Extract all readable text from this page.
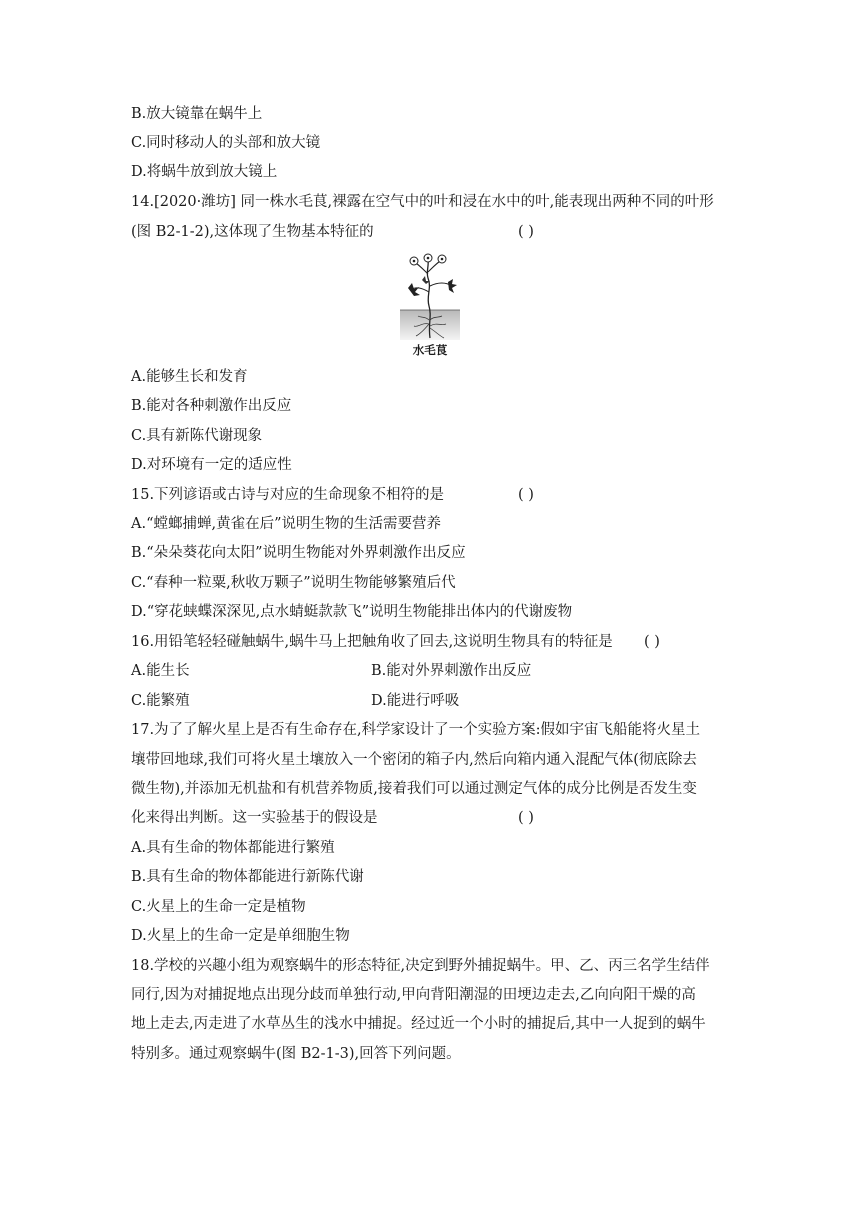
B.放大镜靠在蜗牛上
C.同时移动人的头部和放大镜
D.将蜗牛放到放大镜上
14.[2020·潍坊] 同一株水毛茛,裸露在空气中的叶和浸在水中的叶,能表现出两种不同的叶形
(图 B2-1-2),这体现了生物基本特征的	( )
水毛茛
A.能够生长和发育
B.能对各种刺激作出反应
C.具有新陈代谢现象
D.对环境有一定的适应性
15.下列谚语或古诗与对应的生命现象不相符的是	( )
A.“螳螂捕蝉,黄雀在后”说明生物的生活需要营养
B.“朵朵葵花向太阳”说明生物能对外界刺激作出反应
C.“春种一粒粟,秋收万颗子”说明生物能够繁殖后代
D.“穿花蛱蝶深深见,点水蜻蜓款款飞”说明生物能排出体内的代谢废物
16.用铅笔轻轻碰触蜗牛,蜗牛马上把触角收了回去,这说明生物具有的特征是 ( )
A.能生长	B.能对外界刺激作出反应
C.能繁殖	D.能进行呼吸
17.为了了解火星上是否有生命存在,科学家设计了一个实验方案:假如宇宙飞船能将火星土
壤带回地球,我们可将火星土壤放入一个密闭的箱子内,然后向箱内通入混配气体(彻底除去
微生物),并添加无机盐和有机营养物质,接着我们可以通过测定气体的成分比例是否发生变
化来得出判断。这一实验基于的假设是	( )
A.具有生命的物体都能进行繁殖
B.具有生命的物体都能进行新陈代谢
C.火星上的生命一定是植物
D.火星上的生命一定是单细胞生物
18.学校的兴趣小组为观察蜗牛的形态特征,决定到野外捕捉蜗牛。甲、乙、丙三名学生结伴
同行,因为对捕捉地点出现分歧而单独行动,甲向背阳潮湿的田埂边走去,乙向向阳干燥的高
地上走去,丙走进了水草丛生的浅水中捕捉。经过近一个小时的捕捉后,其中一人捉到的蜗牛
特别多。通过观察蜗牛(图 B2-1-3),回答下列问题。
